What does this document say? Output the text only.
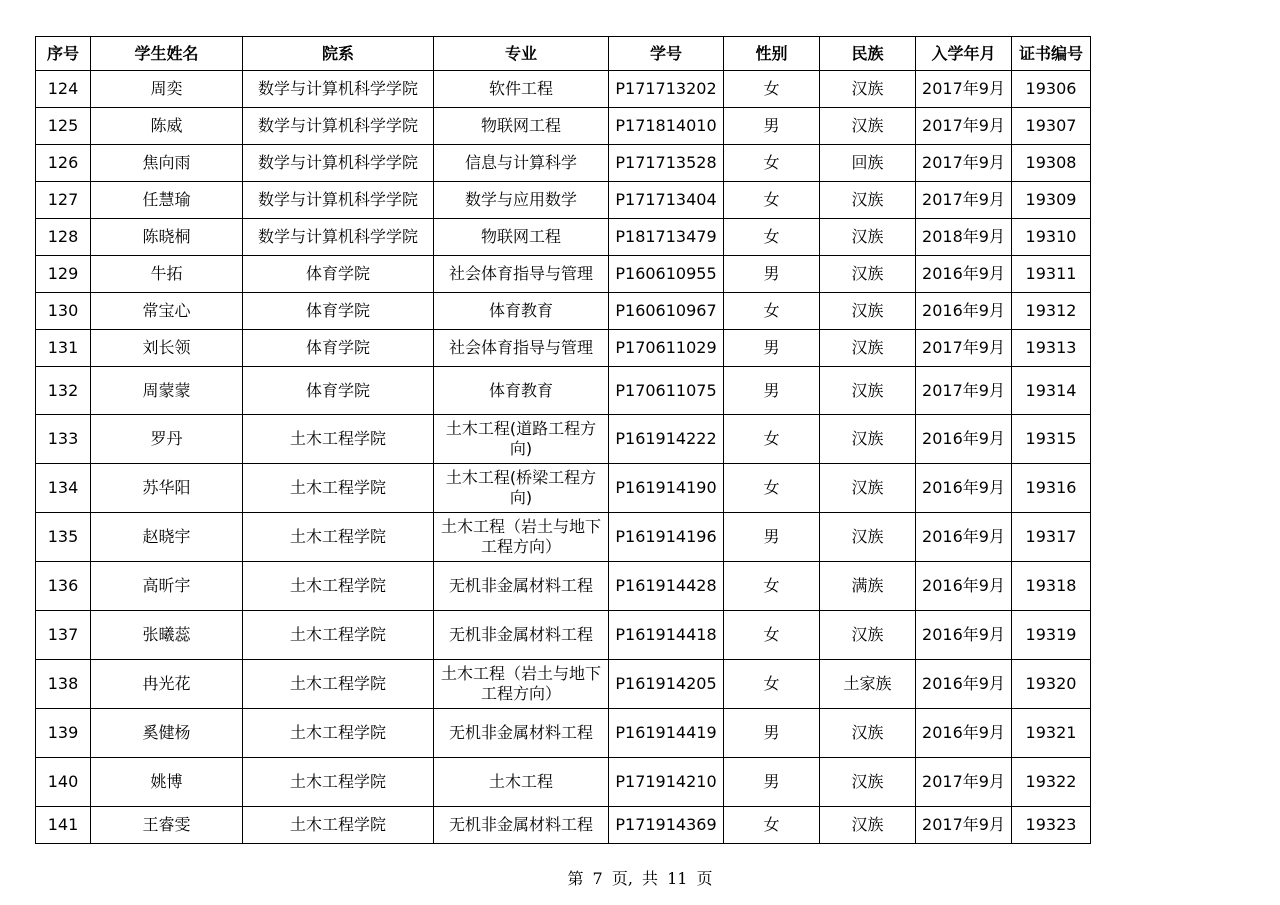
序号	学生姓名	院系	专业	学号	性别	民族	入学年月	证书编号
124	周奕	数学与计算机科学学院	软件工程	P171713202	女	汉族	2017年9月	19306
125	陈威	数学与计算机科学学院	物联网工程	P171814010	男	汉族	2017年9月	19307
126	焦向雨	数学与计算机科学学院	信息与计算科学	P171713528	女	回族	2017年9月	19308
127	任慧瑜	数学与计算机科学学院	数学与应用数学	P171713404	女	汉族	2017年9月	19309
128	陈晓桐	数学与计算机科学学院	物联网工程	P181713479	女	汉族	2018年9月	19310
129	牛拓	体育学院	社会体育指导与管理	P160610955	男	汉族	2016年9月	19311
130	常宝心	体育学院	体育教育	P160610967	女	汉族	2016年9月	19312
131	刘长领	体育学院	社会体育指导与管理	P170611029	男	汉族	2017年9月	19313
132	周蒙蒙	体育学院	体育教育	P170611075	男	汉族	2017年9月	19314
133	罗丹	土木工程学院	土木工程(道路工程方向)	P161914222	女	汉族	2016年9月	19315
134	苏华阳	土木工程学院	土木工程(桥梁工程方向)	P161914190	女	汉族	2016年9月	19316
135	赵晓宇	土木工程学院	土木工程（岩土与地下工程方向）	P161914196	男	汉族	2016年9月	19317
136	高昕宇	土木工程学院	无机非金属材料工程	P161914428	女	满族	2016年9月	19318
137	张曦蕊	土木工程学院	无机非金属材料工程	P161914418	女	汉族	2016年9月	19319
138	冉光花	土木工程学院	土木工程（岩土与地下工程方向）	P161914205	女	土家族	2016年9月	19320
139	奚健杨	土木工程学院	无机非金属材料工程	P161914419	男	汉族	2016年9月	19321
140	姚博	土木工程学院	土木工程	P171914210	男	汉族	2017年9月	19322
141	王睿雯	土木工程学院	无机非金属材料工程	P171914369	女	汉族	2017年9月	19323
第 7 页, 共 11 页
